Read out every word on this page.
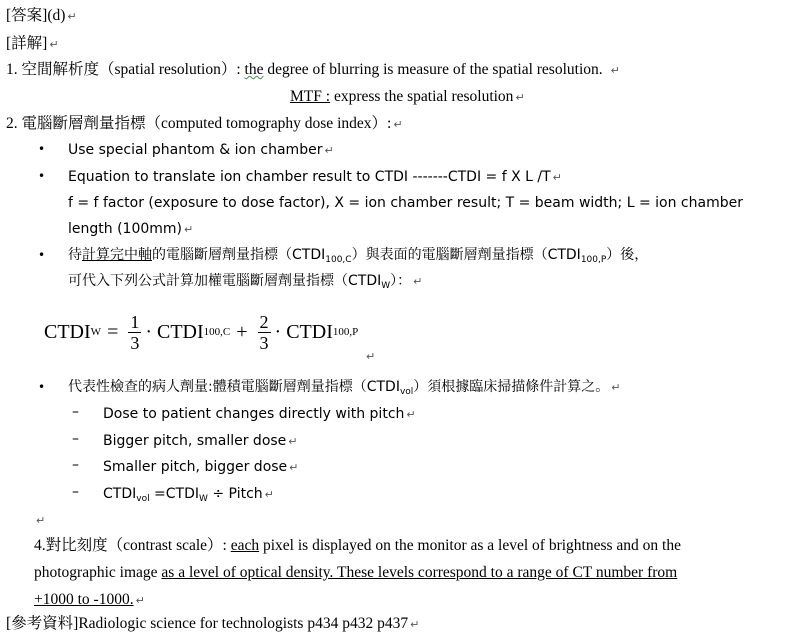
[答案](d) ↵
[詳解] ↵
1. 空間解析度（spatial resolution）: the degree of blurring is measure of the spatial resolution. ↵
MTF : express the spatial resolution ↵
2. 電腦斷層劑量指標（computed tomography dose index）: ↵
• Use special phantom & ion chamber ↵
• Equation to translate ion chamber result to CTDI -------CTDI = f X L /T ↵
f = f factor (exposure to dose factor), X = ion chamber result; T = beam width; L = ion chamber
length (100mm) ↵
• 待計算完中軸的電腦斷層劑量指標$(CTDI_{100,C})$與表面的電腦斷層劑量指標$(CTDI_{100,P})$後，
可代入下列公式計算加權電腦斷層劑量指標$(CTDI_W)$： ↵
CTDI $W = \frac{1}{3}$ · CTDI $100,C + \frac{2}{3}$ · CTDI 100,P
↵
• 代表性檢查的病人劑量:體積電腦斷層劑量指標$(CTDI_{vol})$須根據臨床掃描條件計算之。 ↵
– Dose to patient changes directly with pitch ↵
– Bigger pitch, smaller dose ↵
– Smaller pitch, bigger dose ↵
– $CTDI_{vol}$ $=CTDI_W$ ÷ Pitch ↵
↵
4.對比刻度（contrast scale）: each pixel is displayed on the monitor as a level of brightness and on the
photographic image as a level of optical density. These levels correspond to a range of CT number from
+1000 to -1000. ↵
[參考資料]Radiologic science for technologists p434 p432 p437 ↵
